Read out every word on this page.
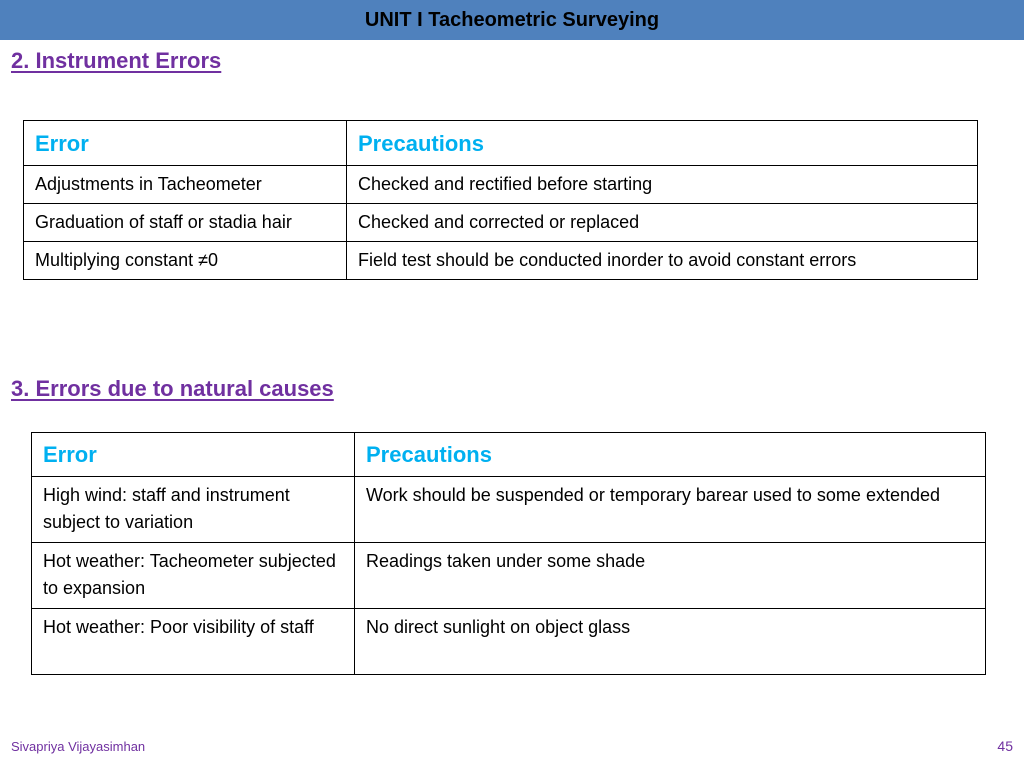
UNIT I Tacheometric Surveying
2. Instrument Errors
Error	Precautions
Adjustments in Tacheometer	Checked and rectified before starting
Graduation of staff or stadia hair	Checked and corrected or replaced
Multiplying constant ≠0	Field test should be conducted inorder to avoid constant errors
3. Errors due to natural causes
Error	Precautions
High wind: staff and instrument subject to variation	Work should be suspended or temporary barear used to some extended
Hot weather: Tacheometer subjected to expansion	Readings taken under some shade
Hot weather: Poor visibility of staff	No direct sunlight on object glass
Sivapriya Vijayasimhan	45
